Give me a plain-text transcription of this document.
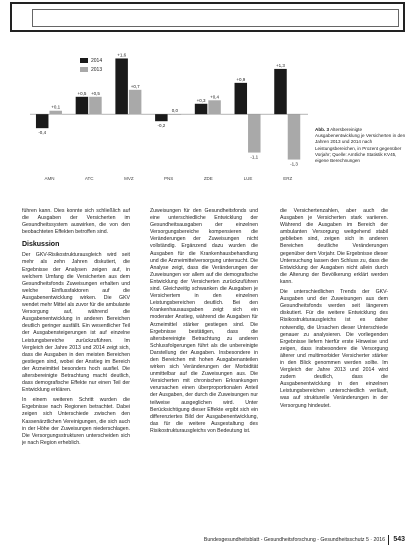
2014
2013
-0,4
+0,1
AMN
+0,5 +0,5
ATC
+1,6
+0,7
MVZ
-0,2
0,0
PNS
+0,3
+0,4
ZDE
+0,9
-1,1
LUE
+1,3
-1,3
ERZ
Abb. 3 Altersbereinigte Ausgabenentwicklung je Versicherten in den Jahren 2013 und 2014 nach Leistungsbereichen, in Prozent gegenüber Vorjahr; Quelle: Amtliche Statistik KV45, eigene Berechnungen

führen kann. Dies konnte sich schließlich auf die Ausgaben der Versicherten im Gesundheitssystem auswirken, die von den beobachteten Effekten betroffen sind.

Diskussion

Der GKV-Risikostrukturausgleich wird seit mehr als zehn Jahren diskutiert, die Ergebnisse der Analysen zeigen auf, in welchem Umfang die Versicherten aus dem Gesundheitsfonds Zuweisungen erhalten und welche Einflussfaktoren auf die Ausgabenentwicklung wirken. Die GKV wendet mehr Mittel als zuvor für die ambulante Versorgung auf, während die Ausgabenentwicklung in anderen Bereichen deutlich geringer ausfällt. Ein wesentlicher Teil der Ausgabensteigerungen ist auf einzelne Leistungsbereiche zurückzuführen. Im Vergleich der Jahre 2013 und 2014 zeigt sich, dass die Ausgaben in den meisten Bereichen gestiegen sind, wobei der Anstieg im Bereich der Arzneimittel besonders hoch ausfiel. Die altersbereinigte Betrachtung macht deutlich, dass demografische Effekte nur einen Teil der Entwicklung erklären.

In einem weiteren Schritt wurden die Ergebnisse nach Regionen betrachtet. Dabei zeigen sich Unterschiede zwischen den Kassenärztlichen Vereinigungen, die sich auch in der Höhe der Zuweisungen niederschlagen. Die Versorgungsstrukturen unterscheiden sich je nach Region erheblich.

Zuweisungen für den Gesundheitsfonds und eine unterschiedliche Entwicklung der Gesundheitsausgaben der einzelnen Versorgungsbereiche kompensieren die Veränderungen der Zuweisungen nicht vollständig. Ergänzend dazu wurden die Ausgaben für die Krankenhausbehandlung und die Arzneimittelversorgung untersucht. Die Analyse zeigt, dass die Veränderungen der Zuweisungen vor allem auf die demografische Entwicklung der Versicherten zurückzuführen sind. Gleichzeitig schwanken die Ausgaben je Versichertem in den einzelnen Leistungsbereichen deutlich. Bei den Krankenhausausgaben zeigt sich ein moderater Anstieg, während die Ausgaben für Arzneimittel stärker gestiegen sind. Die Ergebnisse bestätigen, dass die altersbereinigte Betrachtung zu anderen Schlussfolgerungen führt als die unbereinigte Darstellung der Ausgaben. Insbesondere in den Bereichen mit hohen Ausgabenanteilen wirken sich Veränderungen der Morbidität unmittelbar auf die Zuweisungen aus. Die Versicherten mit chronischen Erkrankungen verursachen einen überproportionalen Anteil der Ausgaben, der durch die Zuweisungen nur teilweise ausgeglichen wird. Unter Berücksichtigung dieser Effekte ergibt sich ein differenziertes Bild der Ausgabenentwicklung, das für die weitere Ausgestaltung des Risikostrukturausgleichs von Bedeutung ist.

die Versichertenzahlen, aber auch die Ausgaben je Versicherten stark variieren. Während die Ausgaben im Bereich der ambulanten Versorgung weitgehend stabil geblieben sind, zeigen sich in anderen Bereichen deutliche Veränderungen gegenüber dem Vorjahr. Die Ergebnisse dieser Untersuchung lassen den Schluss zu, dass die Entwicklung der Ausgaben nicht allein durch die Alterung der Bevölkerung erklärt werden kann.

Die unterschiedlichen Trends der GKV-Ausgaben und der Zuweisungen aus dem Gesundheitsfonds werden seit längerem diskutiert. Für die weitere Entwicklung des Risikostrukturausgleichs ist es daher notwendig, die Ursachen dieser Unterschiede genauer zu analysieren. Die vorliegenden Ergebnisse liefern hierfür erste Hinweise und zeigen, dass insbesondere die Versorgung älterer und multimorbider Versicherter stärker in den Blick genommen werden sollte. Im Vergleich der Jahre 2013 und 2014 wird zudem deutlich, dass die Ausgabenentwicklung in den einzelnen Leistungsbereichen unterschiedlich verläuft, was auf strukturelle Veränderungen in der Versorgung hindeutet.

Bundesgesundheitsblatt - Gesundheitsforschung - Gesundheitsschutz 5 · 2016 543
